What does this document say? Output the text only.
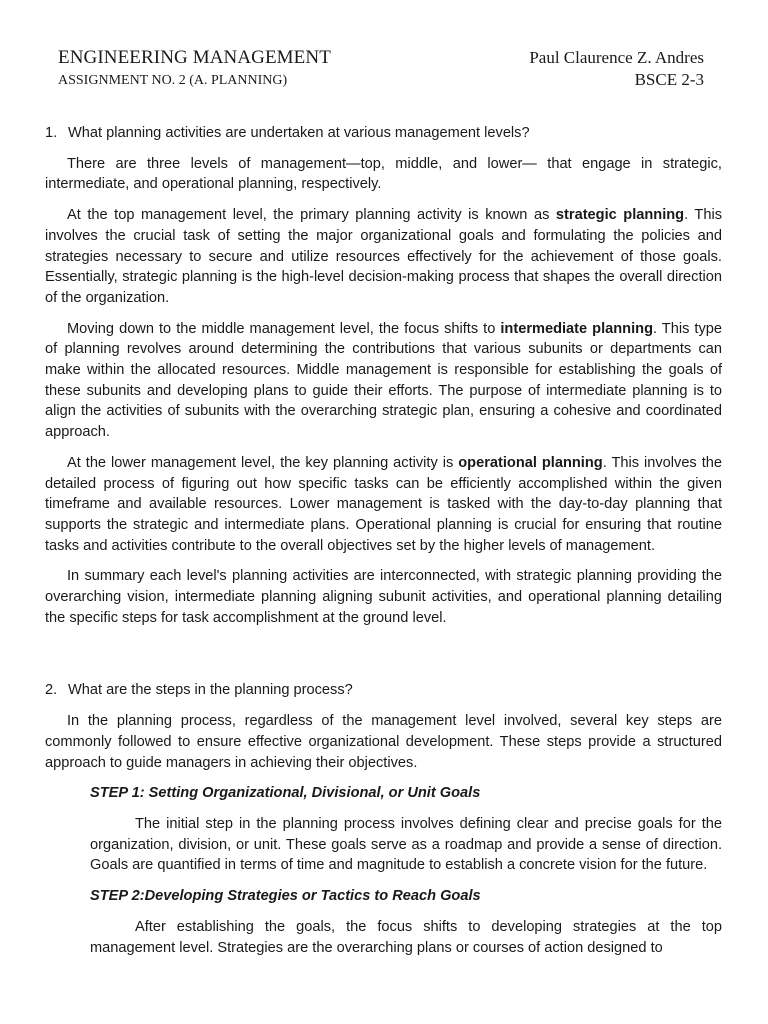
ENGINEERING MANAGEMENT
ASSIGNMENT NO. 2 (A. PLANNING)
Paul Claurence Z. Andres
BSCE 2-3
1. What planning activities are undertaken at various management levels?

There are three levels of management—top, middle, and lower— that engage in strategic, intermediate, and operational planning, respectively.

At the top management level, the primary planning activity is known as strategic planning. This involves the crucial task of setting the major organizational goals and formulating the policies and strategies necessary to secure and utilize resources effectively for the achievement of those goals. Essentially, strategic planning is the high-level decision-making process that shapes the overall direction of the organization.

Moving down to the middle management level, the focus shifts to intermediate planning. This type of planning revolves around determining the contributions that various subunits or departments can make within the allocated resources. Middle management is responsible for establishing the goals of these subunits and developing plans to guide their efforts. The purpose of intermediate planning is to align the activities of subunits with the overarching strategic plan, ensuring a cohesive and coordinated approach.

At the lower management level, the key planning activity is operational planning. This involves the detailed process of figuring out how specific tasks can be efficiently accomplished within the given timeframe and available resources. Lower management is tasked with the day-to-day planning that supports the strategic and intermediate plans. Operational planning is crucial for ensuring that routine tasks and activities contribute to the overall objectives set by the higher levels of management.

In summary each level's planning activities are interconnected, with strategic planning providing the overarching vision, intermediate planning aligning subunit activities, and operational planning detailing the specific steps for task accomplishment at the ground level.

2. What are the steps in the planning process?

In the planning process, regardless of the management level involved, several key steps are commonly followed to ensure effective organizational development. These steps provide a structured approach to guide managers in achieving their objectives.

STEP 1: Setting Organizational, Divisional, or Unit Goals

The initial step in the planning process involves defining clear and precise goals for the organization, division, or unit. These goals serve as a roadmap and provide a sense of direction. Goals are quantified in terms of time and magnitude to establish a concrete vision for the future.

STEP 2:Developing Strategies or Tactics to Reach Goals

After establishing the goals, the focus shifts to developing strategies at the top management level. Strategies are the overarching plans or courses of action designed to
